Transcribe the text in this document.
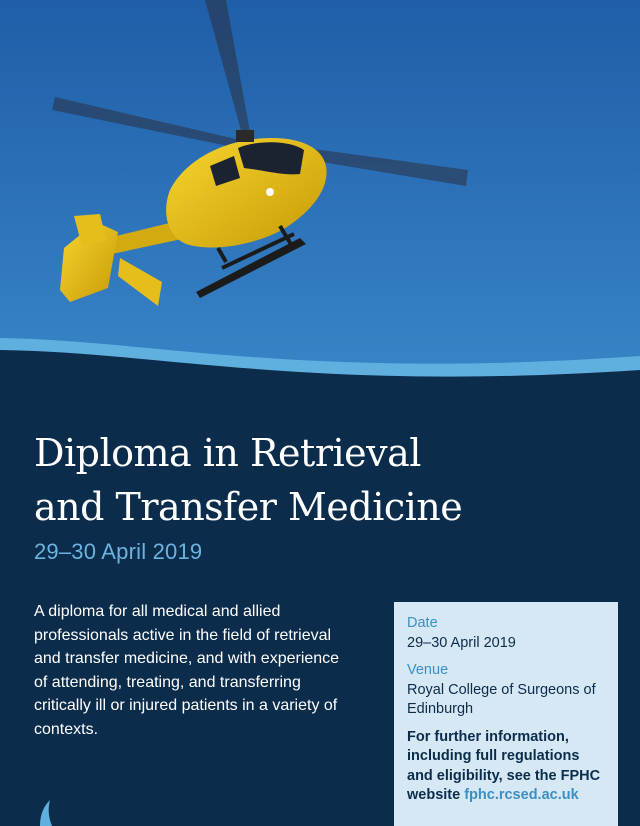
Diploma in Retrieval
and Transfer Medicine
29–30 April 2019

A diploma for all medical and allied professionals active in the field of retrieval and transfer medicine, and with experience of attending, treating, and transferring critically ill or injured patients in a variety of contexts.

Date
29–30 April 2019
Venue
Royal College of Surgeons of Edinburgh
For further information, including full regulations and eligibility, see the FPHC website fphc.rcsed.ac.uk
